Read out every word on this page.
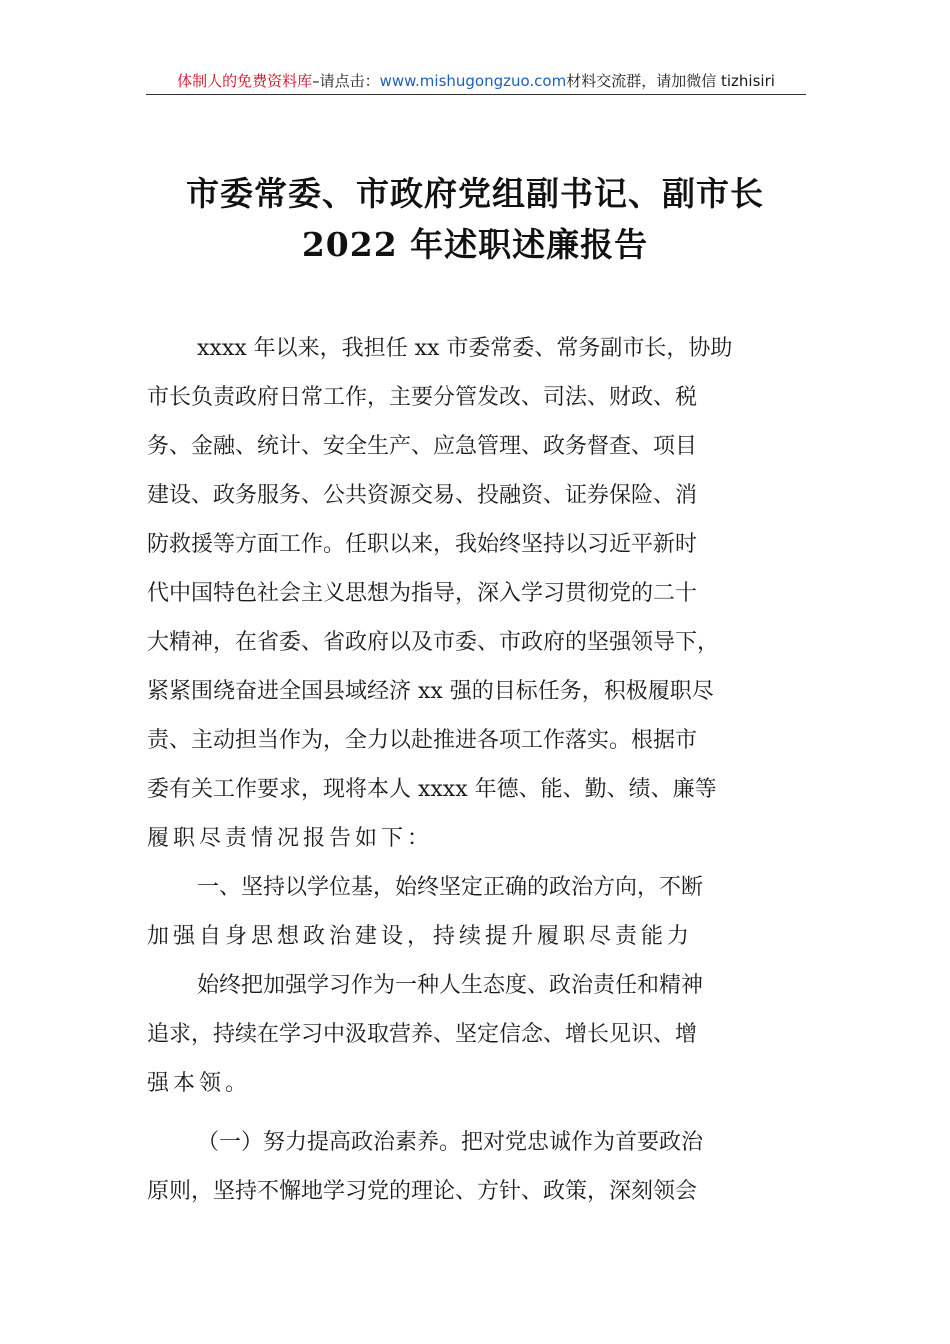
体制人的免费资料库 –请点击： www.mishugongzuo.com 材料交流群，请加微信 tizhisiri
市委常委、市政府党组副书记、副市长
2022 年述职述廉报告
xxxx 年以来，我担任 xx 市委常委、常务副市长，协助
市长负责政府日常工作，主要分管发改、司法、财政、税
务、金融、统计、安全生产、应急管理、政务督查、项目
建设、政务服务、公共资源交易、投融资、证券保险、消
防救援等方面工作。任职以来，我始终坚持以习近平新时
代中国特色社会主义思想为指导，深入学习贯彻党的二十
大精神，在省委、省政府以及市委、市政府的坚强领导下，
紧紧围绕奋进全国县域经济 xx 强的目标任务，积极履职尽
责、主动担当作为，全力以赴推进各项工作落实。根据市
委有关工作要求，现将本人 xxxx 年德、能、勤、绩、廉等
履职尽责情况报告如下：
一、坚持以学位基，始终坚定正确的政治方向，不断
加强自身思想政治建设，持续提升履职尽责能力
始终把加强学习作为一种人生态度、政治责任和精神
追求，持续在学习中汲取营养、坚定信念、增长见识、增
强本领。
（一）努力提高政治素养。把对党忠诚作为首要政治
原则，坚持不懈地学习党的理论、方针、政策，深刻领会
